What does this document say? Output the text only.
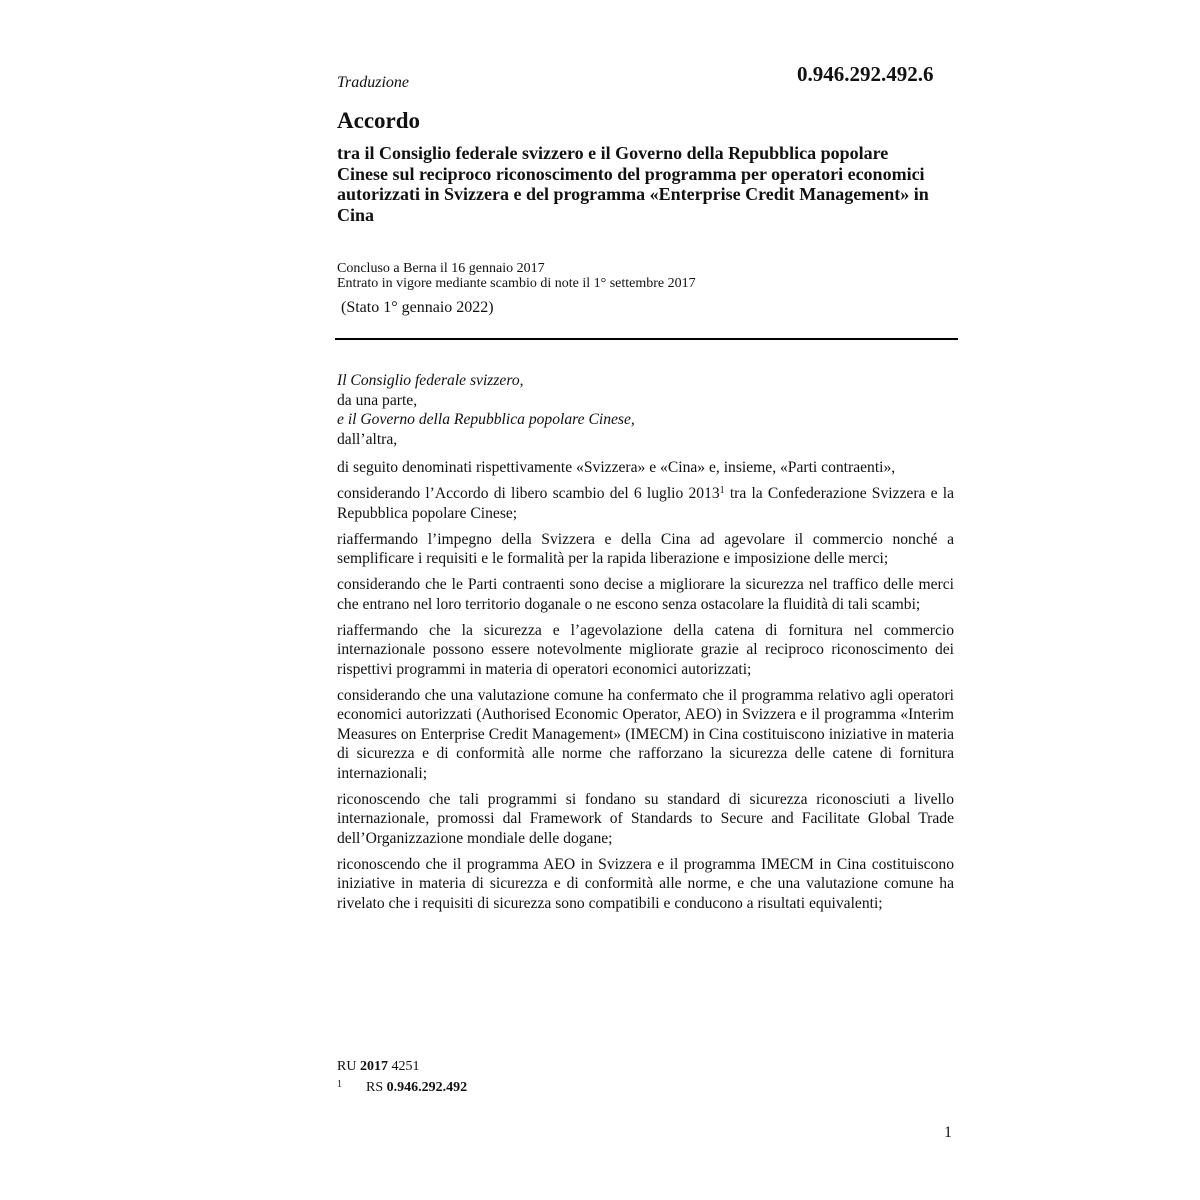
Traduzione	0.946.292.492.6
Accordo
tra il Consiglio federale svizzero e il Governo della Repubblica popolare Cinese sul reciproco riconoscimento del programma per operatori economici autorizzati in Svizzera e del programma «Enterprise Credit Management» in Cina
Concluso a Berna il 16 gennaio 2017
Entrato in vigore mediante scambio di note il 1° settembre 2017
(Stato 1° gennaio 2022)
Il Consiglio federale svizzero,
da una parte,
e il Governo della Repubblica popolare Cinese,
dall’altra,

di seguito denominati rispettivamente «Svizzera» e «Cina» e, insieme, «Parti contraenti»,

considerando l’Accordo di libero scambio del 6 luglio 2013$^1$ tra la Confederazione Svizzera e la Repubblica popolare Cinese;

riaffermando l’impegno della Svizzera e della Cina ad agevolare il commercio nonché a semplificare i requisiti e le formalità per la rapida liberazione e imposizione delle merci;

considerando che le Parti contraenti sono decise a migliorare la sicurezza nel traffico delle merci che entrano nel loro territorio doganale o ne escono senza ostacolare la fluidità di tali scambi;

riaffermando che la sicurezza e l’agevolazione della catena di fornitura nel commercio internazionale possono essere notevolmente migliorate grazie al reciproco riconoscimento dei rispettivi programmi in materia di operatori economici autorizzati;

considerando che una valutazione comune ha confermato che il programma relativo agli operatori economici autorizzati (Authorised Economic Operator, AEO) in Svizzera e il programma «Interim Measures on Enterprise Credit Management» (IMECM) in Cina costituiscono iniziative in materia di sicurezza e di conformità alle norme che rafforzano la sicurezza delle catene di fornitura internazionali;

riconoscendo che tali programmi si fondano su standard di sicurezza riconosciuti a livello internazionale, promossi dal Framework of Standards to Secure and Facilitate Global Trade dell’Organizzazione mondiale delle dogane;

riconoscendo che il programma AEO in Svizzera e il programma IMECM in Cina costituiscono iniziative in materia di sicurezza e di conformità alle norme, e che una valutazione comune ha rivelato che i requisiti di sicurezza sono compatibili e conducono a risultati equivalenti;

RU 2017 4251
$^1$ RS 0.946.292.492
1
